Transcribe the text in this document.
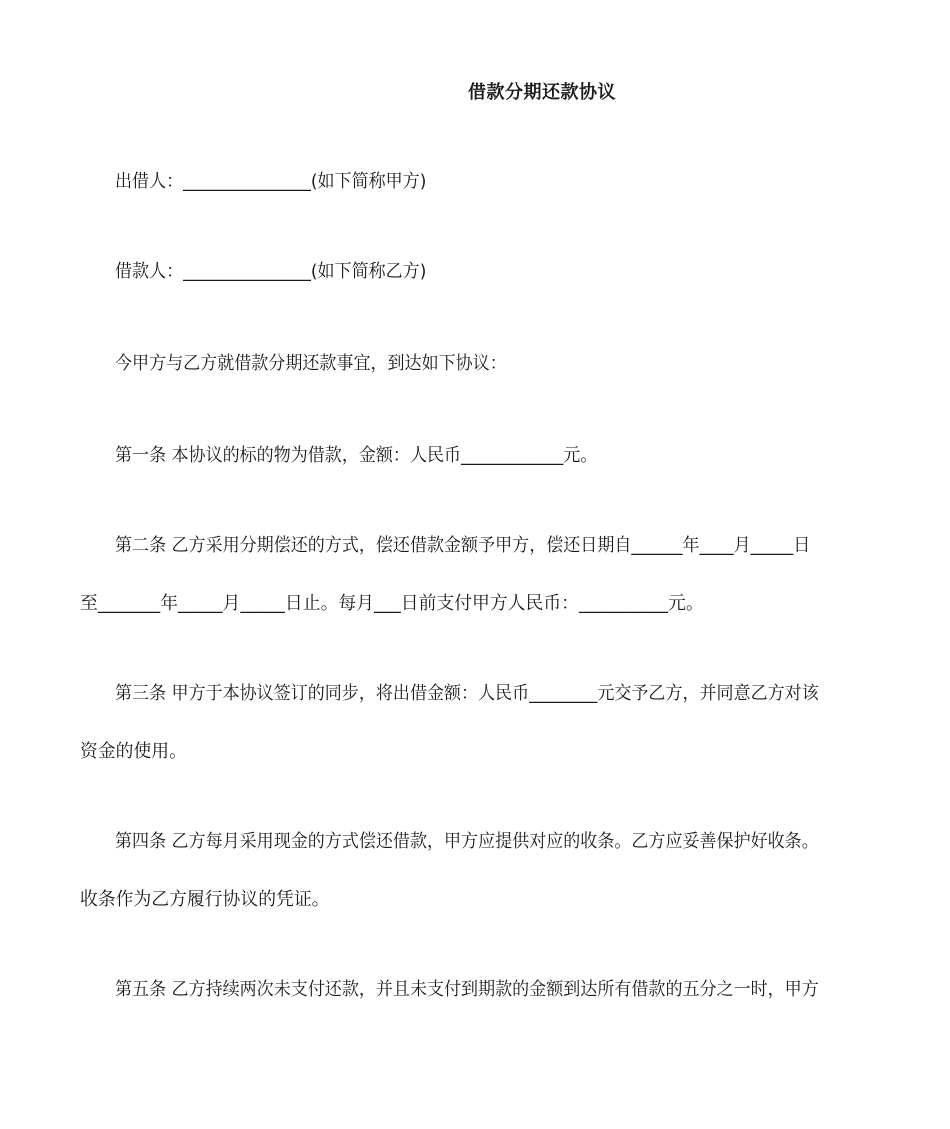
借款分期还款协议
出借人：_______________(如下简称甲方)
借款人：_______________(如下简称乙方)
今甲方与乙方就借款分期还款事宜，到达如下协议：
第一条 本协议的标的物为借款，金额：人民币____________元。
第二条 乙方采用分期偿还的方式，偿还借款金额予甲方，偿还日期自______年____月_____日
至_______年_____月_____日止。每月___日前支付甲方人民币：__________元。
第三条 甲方于本协议签订的同步，将出借金额：人民币________元交予乙方，并同意乙方对该
资金的使用。
第四条 乙方每月采用现金的方式偿还借款，甲方应提供对应的收条。乙方应妥善保护好收条。
收条作为乙方履行协议的凭证。
第五条 乙方持续两次未支付还款，并且未支付到期款的金额到达所有借款的五分之一时，甲方
